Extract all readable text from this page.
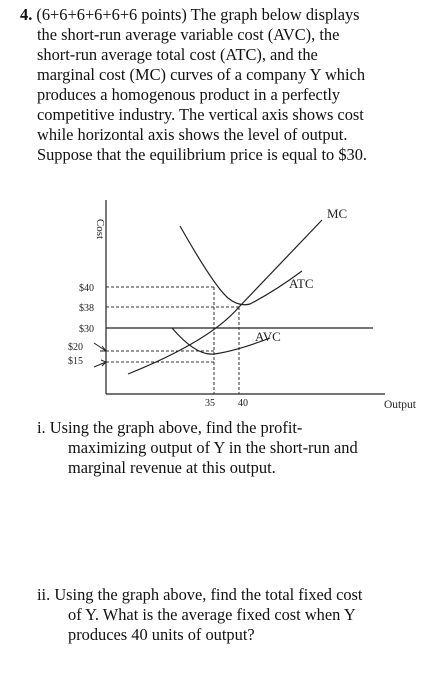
4. (6+6+6+6+6+6 points) The graph below displays
the short-run average variable cost (AVC), the
short-run average total cost (ATC), and the
marginal cost (MC) curves of a company Y which
produces a homogenous product in a perfectly
competitive industry. The vertical axis shows cost
while horizontal axis shows the level of output.
Suppose that the equilibrium price is equal to $30.
Cost
Output
$40
$38
$30
$20
$15
35 40
MC
ATC
AVC
i. Using the graph above, find the profit-
maximizing output of Y in the short-run and
marginal revenue at this output.
ii. Using the graph above, find the total fixed cost
of Y. What is the average fixed cost when Y
produces 40 units of output?
